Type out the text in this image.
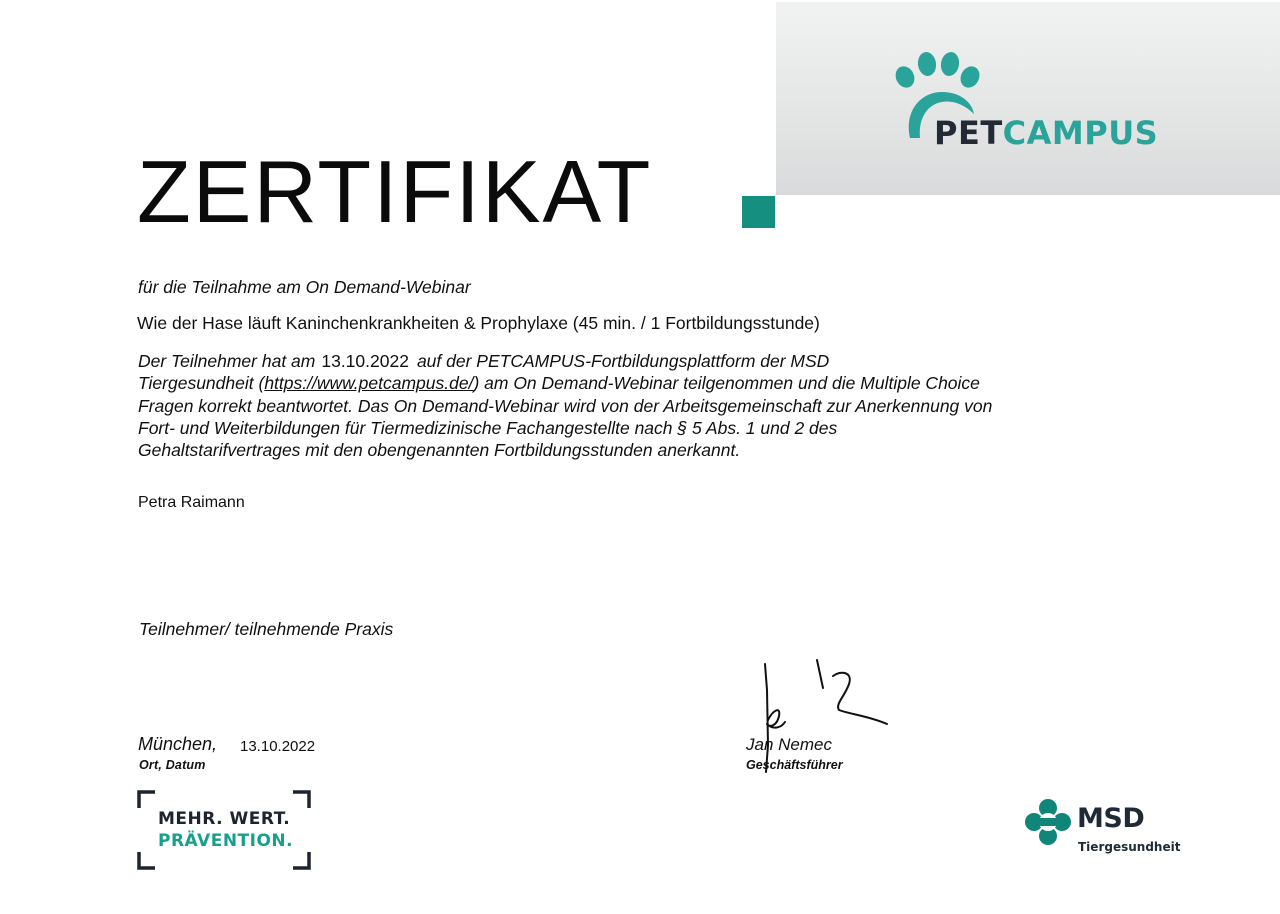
PETCAMPUS
ZERTIFIKAT
für die Teilnahme am On Demand-Webinar
Wie der Hase läuft Kaninchenkrankheiten & Prophylaxe (45 min. / 1 Fortbildungsstunde)
Der Teilnehmer hat am 13.10.2022 auf der PETCAMPUS-Fortbildungsplattform der MSD
Tiergesundheit (https://www.petcampus.de/) am On Demand-Webinar teilgenommen und die Multiple Choice
Fragen korrekt beantwortet. Das On Demand-Webinar wird von der Arbeitsgemeinschaft zur Anerkennung von
Fort- und Weiterbildungen für Tiermedizinische Fachangestellte nach § 5 Abs. 1 und 2 des
Gehaltstarifvertrages mit den obengenannten Fortbildungsstunden anerkannt.
Petra Raimann
Teilnehmer/ teilnehmende Praxis
München, 13.10.2022
Ort, Datum
Jan Nemec
Geschäftsführer
MEHR. WERT.
PRÄVENTION.
MSD
Tiergesundheit
